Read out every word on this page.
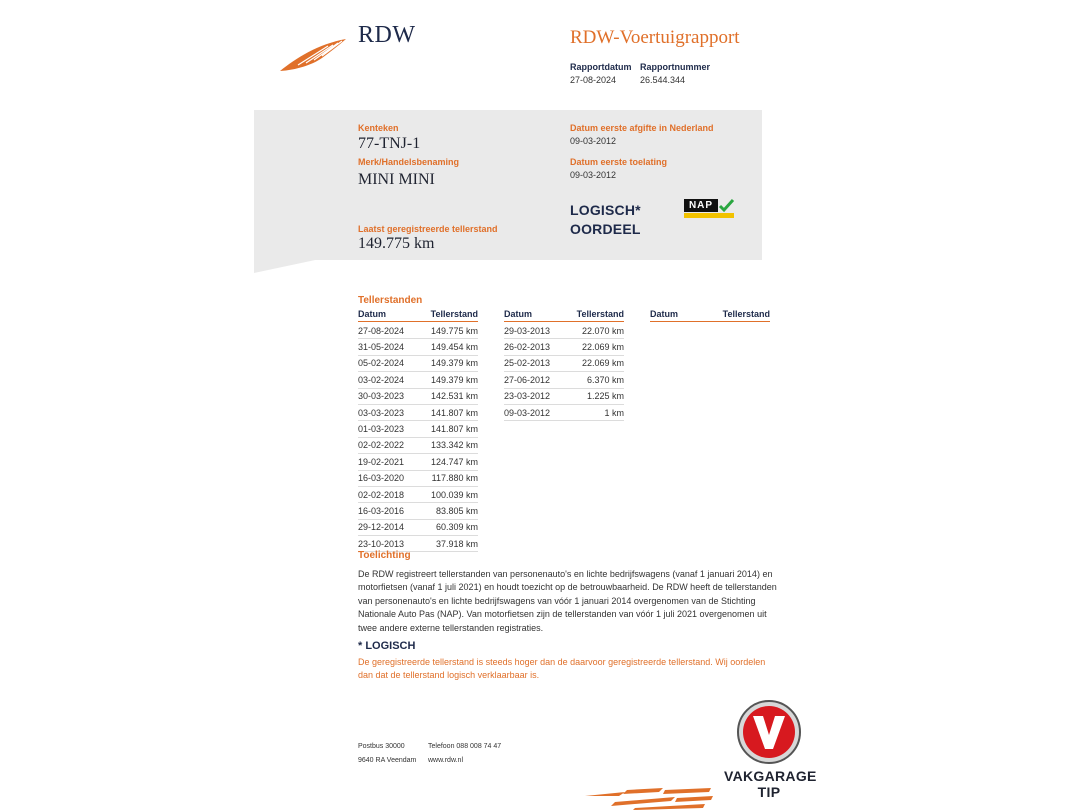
RDW	RDW-Voertuigrapport
Rapportdatum
27-08-2024
Rapportnummer
26.544.344
Kenteken
77-TNJ-1
Merk/Handelsbenaming
MINI MINI
Laatst geregistreerde tellerstand
149.775 km
Datum eerste afgifte in Nederland
09-03-2012
Datum eerste toelating
09-03-2012
LOGISCH*
OORDEEL
NAP
Tellerstanden
Datum	Tellerstand
27-08-2024	149.775 km
31-05-2024	149.454 km
05-02-2024	149.379 km
03-02-2024	149.379 km
30-03-2023	142.531 km
03-03-2023	141.807 km
01-03-2023	141.807 km
02-02-2022	133.342 km
19-02-2021	124.747 km
16-03-2020	117.880 km
02-02-2018	100.039 km
16-03-2016	83.805 km
29-12-2014	60.309 km
23-10-2013	37.918 km
Datum	Tellerstand
29-03-2013	22.070 km
26-02-2013	22.069 km
25-02-2013	22.069 km
27-06-2012	6.370 km
23-03-2012	1.225 km
09-03-2012	1 km
Datum	Tellerstand
Toelichting
De RDW registreert tellerstanden van personenauto's en lichte bedrijfswagens (vanaf 1 januari 2014) en motorfietsen (vanaf 1 juli 2021) en houdt toezicht op de betrouwbaarheid. De RDW heeft de tellerstanden van personenauto's en lichte bedrijfswagens van vóór 1 januari 2014 overgenomen van de Stichting Nationale Auto Pas (NAP). Van motorfietsen zijn de tellerstanden van vóór 1 juli 2021 overgenomen uit twee andere externe tellerstanden registraties.
* LOGISCH
De geregistreerde tellerstand is steeds hoger dan de daarvoor geregistreerde tellerstand. Wij oordelen dan dat de tellerstand logisch verklaarbaar is.
Postbus 30000
9640 RA Veendam
Telefoon 088 008 74 47
www.rdw.nl
VAKGARAGE
TIP
